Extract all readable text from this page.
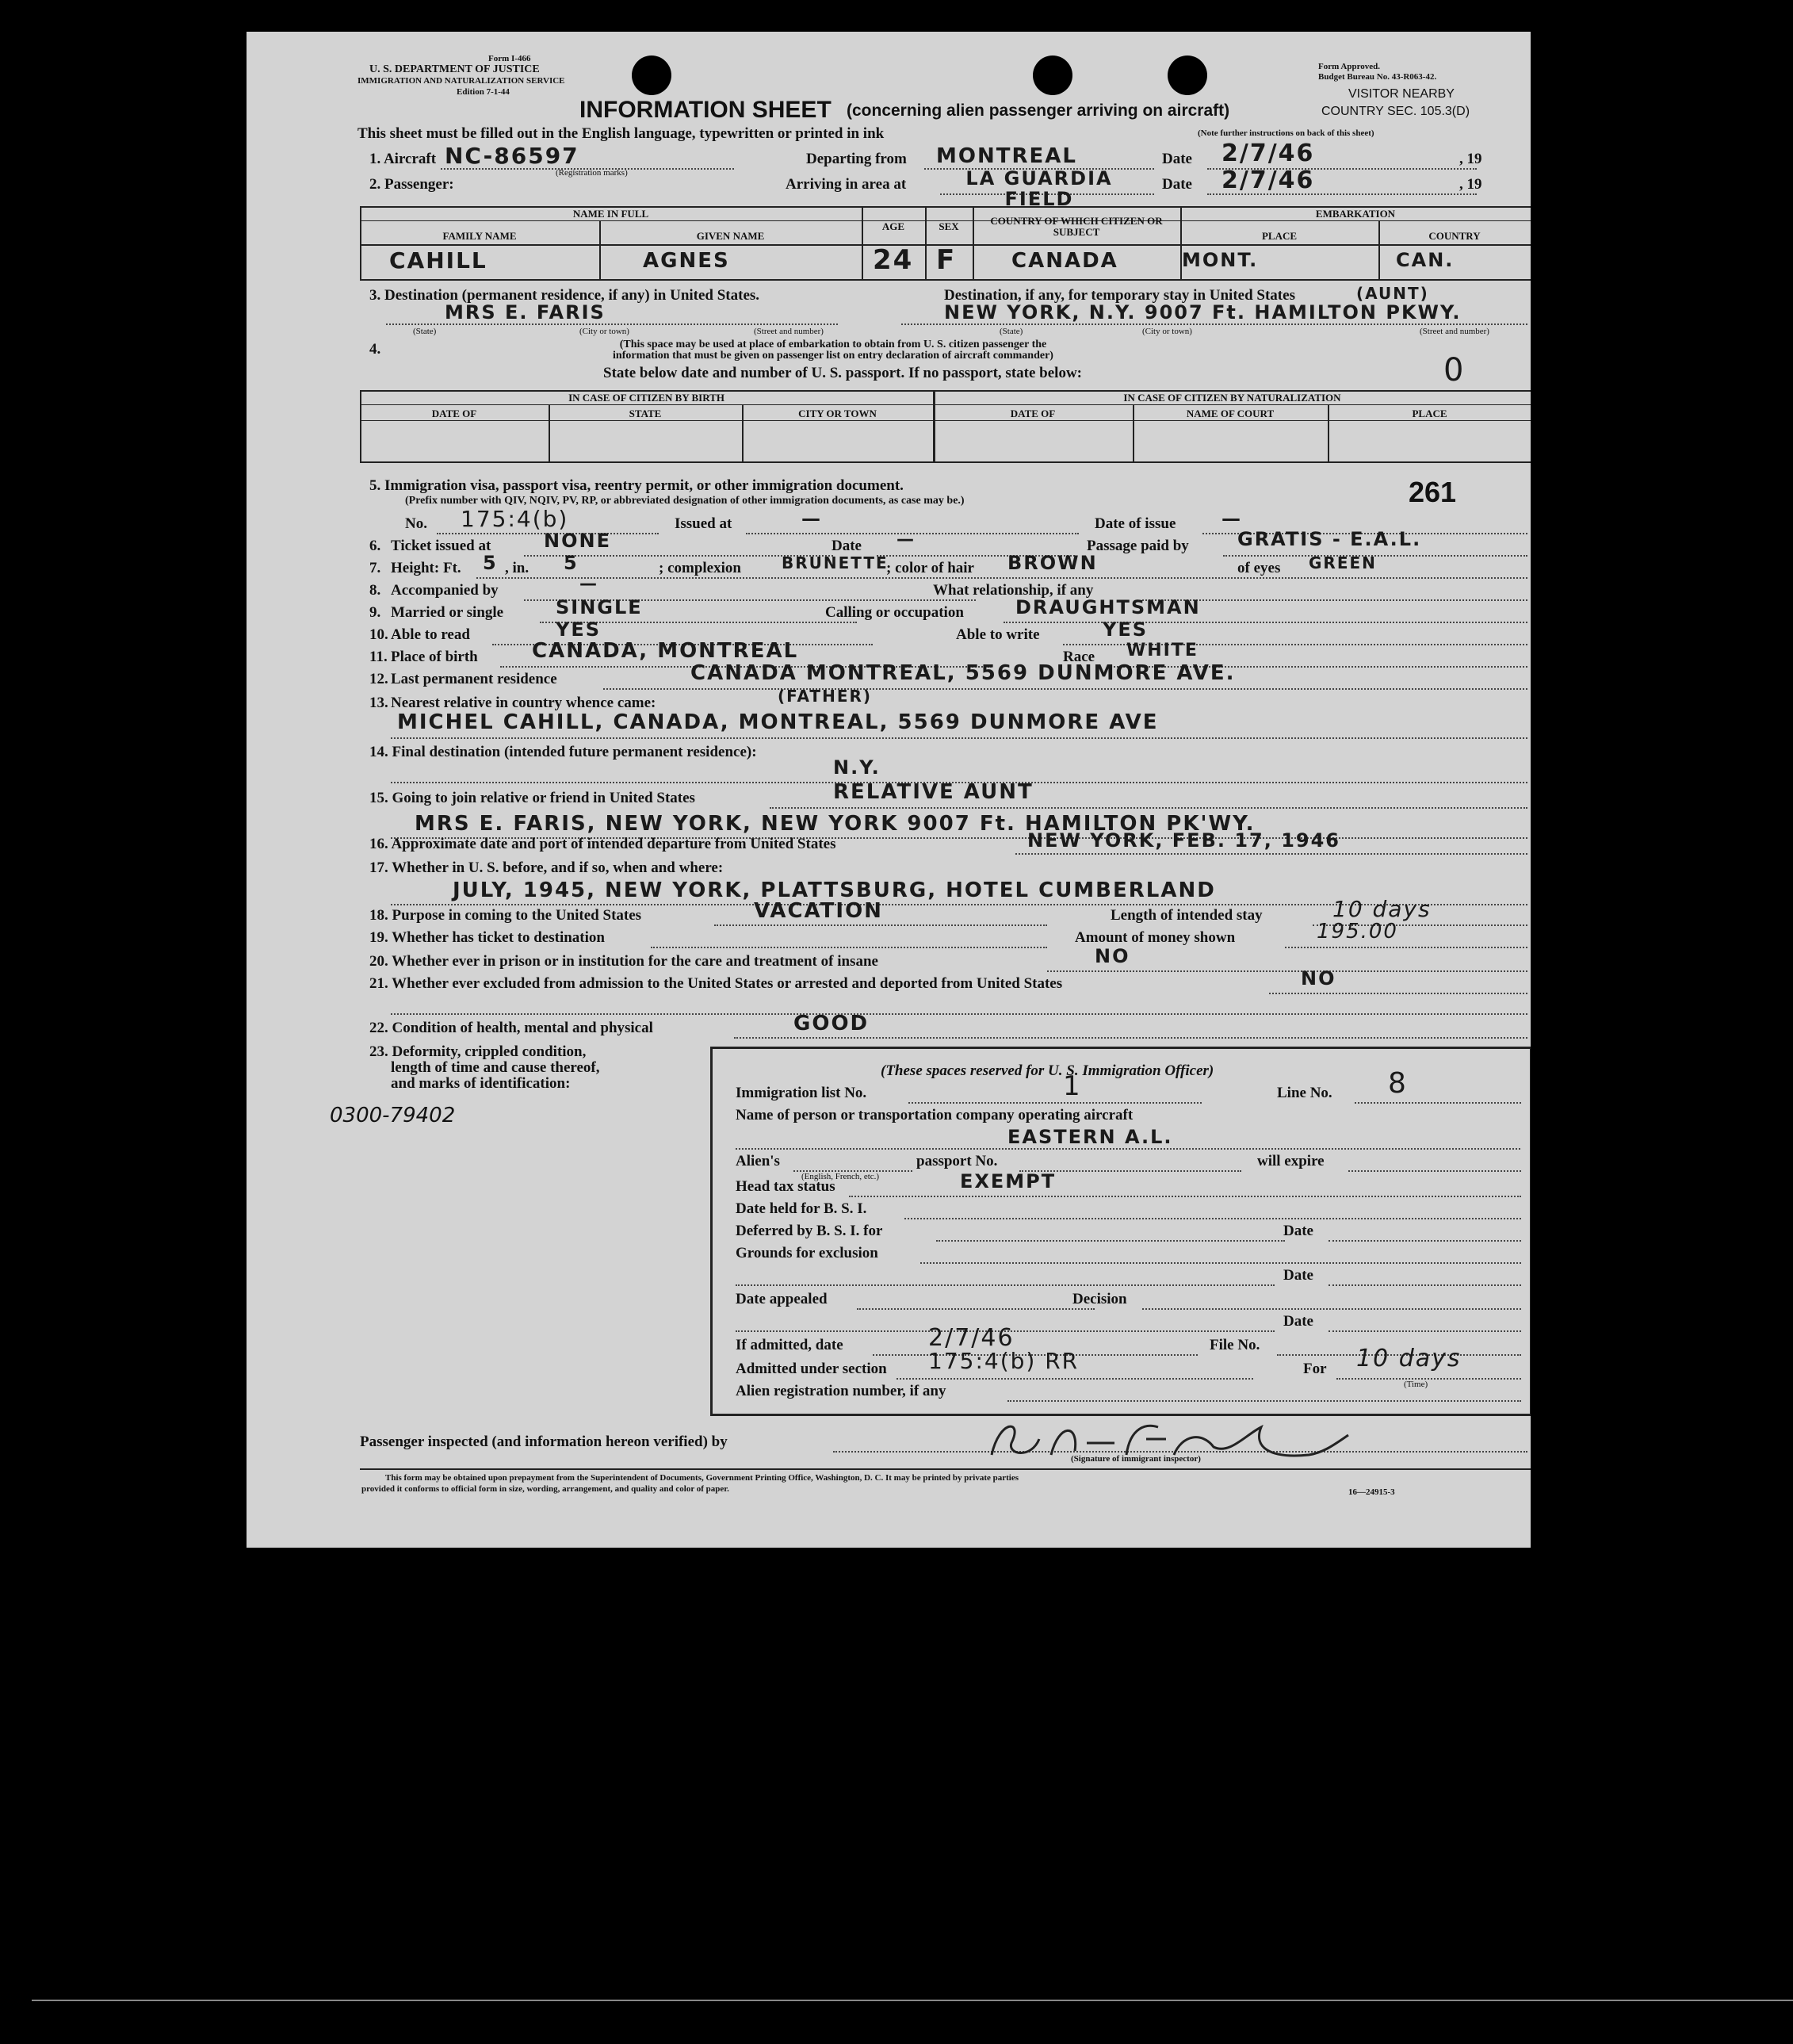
Form I-466
U. S. DEPARTMENT OF JUSTICE
IMMIGRATION AND NATURALIZATION SERVICE
Edition 7-1-44
Form Approved.
Budget Bureau No. 43-R063-42.
VISITOR NEARBY
COUNTRY SEC. 105.3(D)
INFORMATION SHEET (concerning alien passenger arriving on aircraft)
This sheet must be filled out in the English language, typewritten or printed in ink	(Note further instructions on back of this sheet)
1. Aircraft NC-86597
(Registration marks)
Departing from MONTREAL	Date 2/7/46	, 19
2. Passenger:	Arriving in area at	LA GUARDIA FIELD
Date 2/7/46	, 19
NAME IN FULL
FAMILY NAME	GIVEN NAME
AGE	SEX	COUNTRY OF WHICH CITIZEN OR SUBJECT
EMBARKATION
PLACE	COUNTRY
CAHILL	AGNES	24 F	CANADA	MONT.	CAN.
3. Destination (permanent residence, if any) in United States.	Destination, if any, for temporary stay in United States	(AUNT)
MRS E. FARIS	NEW YORK, N.Y. 9007 Ft. HAMILTON PKWY.
(State)	(City or town)	(Street and number)	(State)	(City or town)	(Street and number)
4.	(This space may be used at place of embarkation to obtain from U. S. citizen passenger the information that must be given on passenger list on entry declaration of aircraft commander)
State below date and number of U. S. passport. If no passport, state below:	0
IN CASE OF CITIZEN BY BIRTH	IN CASE OF CITIZEN BY NATURALIZATION
DATE OF	STATE	CITY OR TOWN	DATE OF	NAME OF COURT	PLACE
5. Immigration visa, passport visa, reentry permit, or other immigration document.
(Prefix number with QIV, NQIV, PV, RP, or abbreviated designation of other immigration documents, as case may be.)	261
No. 175:4(b)	Issued at	—	Date of issue —
6. Ticket issued at	NONE	Date —	Passage paid by	GRATIS - E.A.L.
7. Height: Ft. 5 , in. 5	; complexion	BRUNETTE
; color of hair BROWN	of eyes GREEN
8. Accompanied by	—	What relationship, if any
9. Married or single	SINGLE	Calling or occupation	DRAUGHTSMAN
10. Able to read	YES	Able to write	YES
11. Place of birth	CANADA, MONTREAL	Race WHITE
12. Last permanent residence	CANADA MONTREAL, 5569 DUNMORE AVE.
13. Nearest relative in country whence came:	(FATHER)
MICHEL CAHILL, CANADA, MONTREAL, 5569 DUNMORE AVE
14. Final destination (intended future permanent residence):
N.Y.
15. Going to join relative or friend in United States	RELATIVE AUNT
MRS E. FARIS, NEW YORK, NEW YORK 9007 Ft. HAMILTON PK'WY.
16. Approximate date and port of intended departure from United States	NEW YORK, FEB. 17, 1946
17. Whether in U. S. before, and if so, when and where:
JULY, 1945, NEW YORK, PLATTSBURG, HOTEL CUMBERLAND
18. Purpose in coming to the United States	VACATION	Length of intended stay	10 days
19. Whether has ticket to destination	Amount of money shown	195.00
20. Whether ever in prison or in institution for the care and treatment of insane	NO
21. Whether ever excluded from admission to the United States or arrested and deported from United States	NO
22. Condition of health, mental and physical	GOOD
23. Deformity, crippled condition,
length of time and cause thereof,
and marks of identification:
0300-79402
(These spaces reserved for U. S. Immigration Officer)
Immigration list No.	1	Line No. 8
Name of person or transportation company operating aircraft
EASTERN A.L.
Alien's	passport No.	will expire
(English, French, etc.)
Head tax status	EXEMPT
Date held for B. S. I.
Deferred by B. S. I. for	Date
Grounds for exclusion
Date
Date appealed	Decision
Date
If admitted, date	2/7/46	File No.
Admitted under section 175:4(b) RR	For 10 days
(Time)
Alien registration number, if any
Passenger inspected (and information hereon verified) by
(Signature of immigrant inspector)
This form may be obtained upon prepayment from the Superintendent of Documents, Government Printing Office, Washington, D. C. It may be printed by private parties
provided it conforms to official form in size, wording, arrangement, and quality and color of paper.	16—24915-3
